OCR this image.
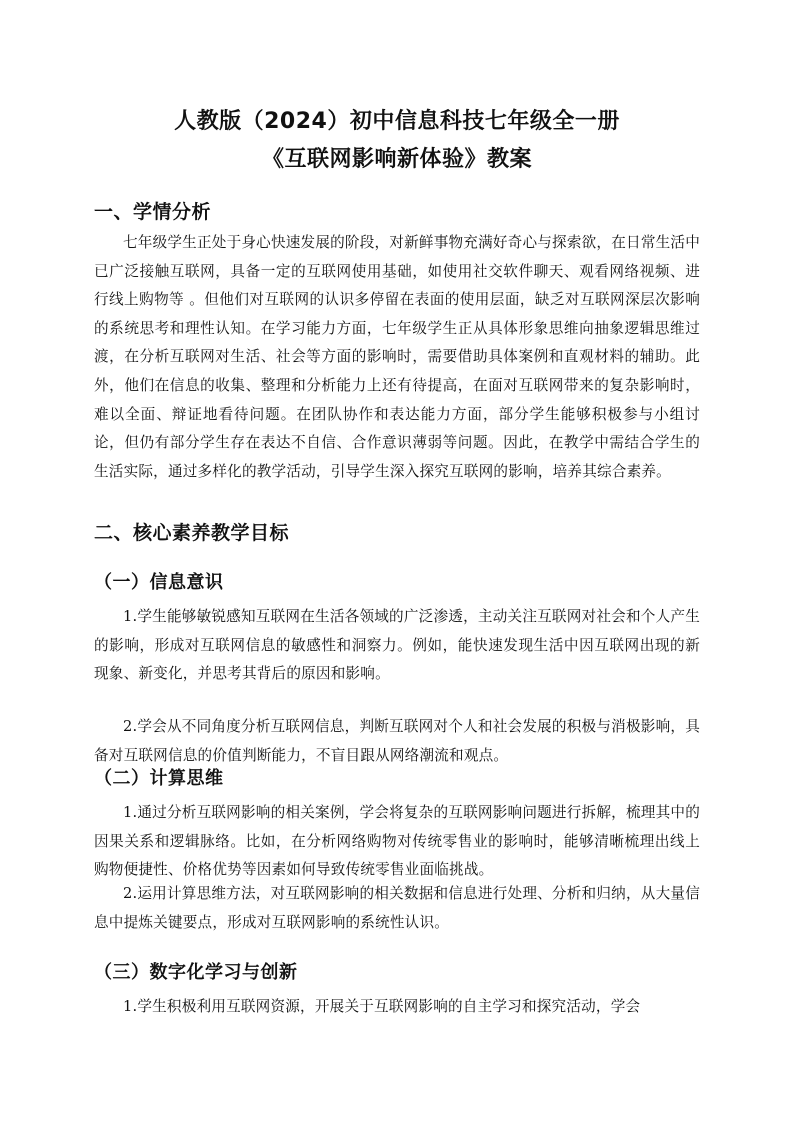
人教版（2024）初中信息科技七年级全一册
《互联网影响新体验》教案
一、学情分析

七年级学生正处于身心快速发展的阶段，对新鲜事物充满好奇心与探索欲，在日常生活中已广泛接触互联网，具备一定的互联网使用基础，如使用社交软件聊天、观看网络视频、进行线上购物等 。但他们对互联网的认识多停留在表面的使用层面，缺乏对互联网深层次影响的系统思考和理性认知。在学习能力方面，七年级学生正从具体形象思维向抽象逻辑思维过渡，在分析互联网对生活、社会等方面的影响时，需要借助具体案例和直观材料的辅助。此外，他们在信息的收集、整理和分析能力上还有待提高，在面对互联网带来的复杂影响时，难以全面、辩证地看待问题。在团队协作和表达能力方面，部分学生能够积极参与小组讨论，但仍有部分学生存在表达不自信、合作意识薄弱等问题。因此，在教学中需结合学生的生活实际，通过多样化的教学活动，引导学生深入探究互联网的影响，培养其综合素养。

二、核心素养教学目标
（一）信息意识

1.学生能够敏锐感知互联网在生活各领域的广泛渗透，主动关注互联网对社会和个人产生的影响，形成对互联网信息的敏感性和洞察力。例如，能快速发现生活中因互联网出现的新现象、新变化，并思考其背后的原因和影响。

2.学会从不同角度分析互联网信息，判断互联网对个人和社会发展的积极与消极影响，具备对互联网信息的价值判断能力，不盲目跟从网络潮流和观点。

（二）计算思维

1.通过分析互联网影响的相关案例，学会将复杂的互联网影响问题进行拆解，梳理其中的因果关系和逻辑脉络。比如，在分析网络购物对传统零售业的影响时，能够清晰梳理出线上购物便捷性、价格优势等因素如何导致传统零售业面临挑战。

2.运用计算思维方法，对互联网影响的相关数据和信息进行处理、分析和归纳，从大量信息中提炼关键要点，形成对互联网影响的系统性认识。

（三）数字化学习与创新

1.学生积极利用互联网资源，开展关于互联网影响的自主学习和探究活动，学会
